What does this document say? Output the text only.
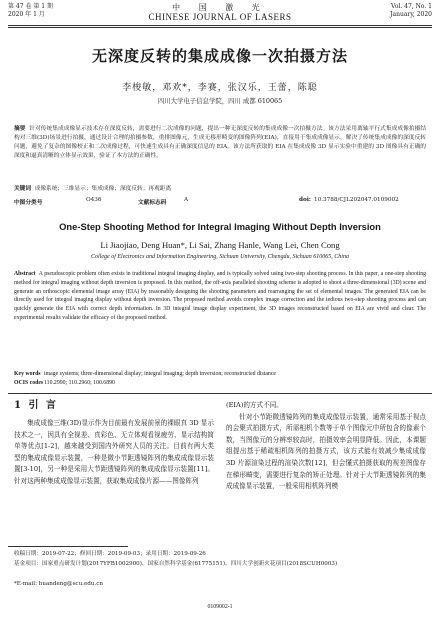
第 47 卷 第 1 期
2020 年 1 月
中 国 激 光
CHINESE JOURNAL OF LASERS
Vol. 47, No. 1
January, 2020
无深度反转的集成成像一次拍摄方法
李梭敏，邓欢*，李赛，张汉乐，王蕾，陈聪
四川大学电子信息学院，四川 成都 610065
摘要 针对传统集成成像显示技术存在深度反转，需要进行二次成像的问题，提出一种无深度反转的集成成像一次拍摄方法。该方法采用离轴平行式集成成像拍摄结构对三维(3D)场景进行拍摄，通过设计合理的拍摄参数，重排图像元，生成无移形畸变的图像阵列(EIA)，直接用于集成成像显示，解决了传统集成成像的深度反转问题，避免了复杂的图像校正和二次成像过程，可快速生成具有正确深度信息的 EIA。该方法所获取的 EIA 在集成成像 3D 显示实验中重建的 3D 图像具有正确的深度和逼真清晰的立体显示效果，验证了本方法的正确性。
关键词 成像系统；三维显示；集成成像；深度反转；再观距离
中图分类号	O436	文献标志码	A	doi: 10.3788/CJL202047.0109002
One-Step Shooting Method for Integral Imaging Without Depth Inversion
Li Jiaojiao, Deng Huan*, Li Sai, Zhang Hanle, Wang Lei, Chen Cong
College of Electronics and Information Engineering, Sichuan University, Chengdu, Sichuan 610065, China
Abstract A pseudoscopic problem often exists in traditional integral imaging display, and is typically solved using two-step shooting process. In this paper, a one-step shooting method for integral imaging without depth inversion is proposed. In this method, the off-axis paralleled shooting scheme is adopted to shoot a three-dimensional (3D) scene and generate an orthoscopic elemental image array (EIA) by reasonably designing the shooting parameters and rearranging the set of elemental images. The generated EIA can be directly used for integral imaging display without depth inversion. The proposed method avoids complex image correction and the tedious two-step shooting process and can quickly generate the EIA with correct depth information. In 3D integral image display experiment, the 3D images reconstructed based on EIA are vivid and clear. The experimental results validate the efficacy of the proposed method.
Key words image systems; three-dimensional display; integral imaging; depth inversion; reconstructed distance
OCIS codes110.2990; 110.2960; 100.6890
1 引 言
集成成像三维(3D)显示作为目前最有发展前景的裸眼真 3D 显示技术之一，因具有全视差、真彩色、无立体观看视疲劳、显示结构简单等优点[1-2]，越来越受到国内外研究人员的关注。目前有两大类型的集成成像显示装置，一种是微小节距透镜阵列的集成成像显示装置[3-10]，另一种是采用大节距透镜阵列的集成成像显示装置[11]。针对这两种集成成像显示装置，获取集成成像片源——图像阵列
(EIA)的方式不同。
针对小节距微透镜阵列的集成成像显示装置，通常采用基于视点的会聚式拍摄方式，所需相机个数等于单个图像元中所包含的像素个数，当图像元的分辨率较高时，拍摄效率会明显降低。因此，本课题组提出基于稀疏相机阵列的拍摄方式，该方式能有效减少集成成像 3D 片源渲染过程的渲染次数[12]，但会懂式拍摄获取的视差图像存在梯形畸变，需要进行复杂的矫正处理。针对于大节距透镜阵列的集成成像显示装置，一般采用相机阵列模
收稿日期：2019-07-22；修回日期：2019-09-03；录用日期：2019-09-26
基金项目：国家重点研发计划(2017YFB1002900)、国家自然科学基金(61775151)、四川大学创新火花项目(2018SCUH0003)
*E-mail: huandeng@scu.edu.cn
0109002-1
